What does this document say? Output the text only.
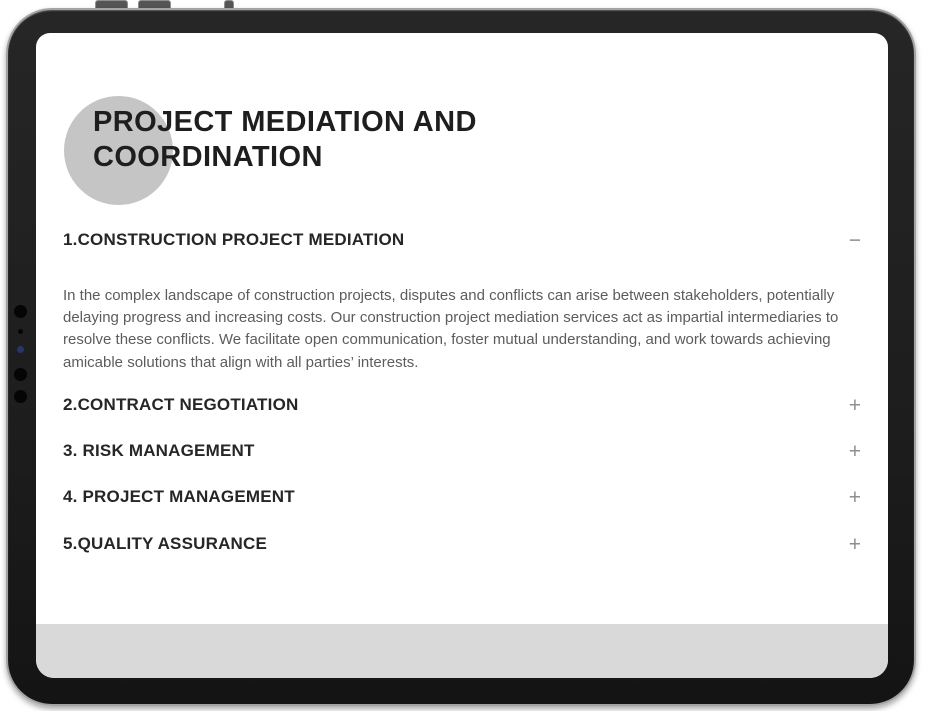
PROJECT MEDIATION AND COORDINATION
1.CONSTRUCTION PROJECT MEDIATION	−

In the complex landscape of construction projects, disputes and conflicts can arise between stakeholders, potentially delaying progress and increasing costs. Our construction project mediation services act as impartial intermediaries to resolve these conflicts. We facilitate open communication, foster mutual understanding, and work towards achieving amicable solutions that align with all parties’ interests.

2.CONTRACT NEGOTIATION	+
3. RISK MANAGEMENT	+
4. PROJECT MANAGEMENT	+
5.QUALITY ASSURANCE	+
